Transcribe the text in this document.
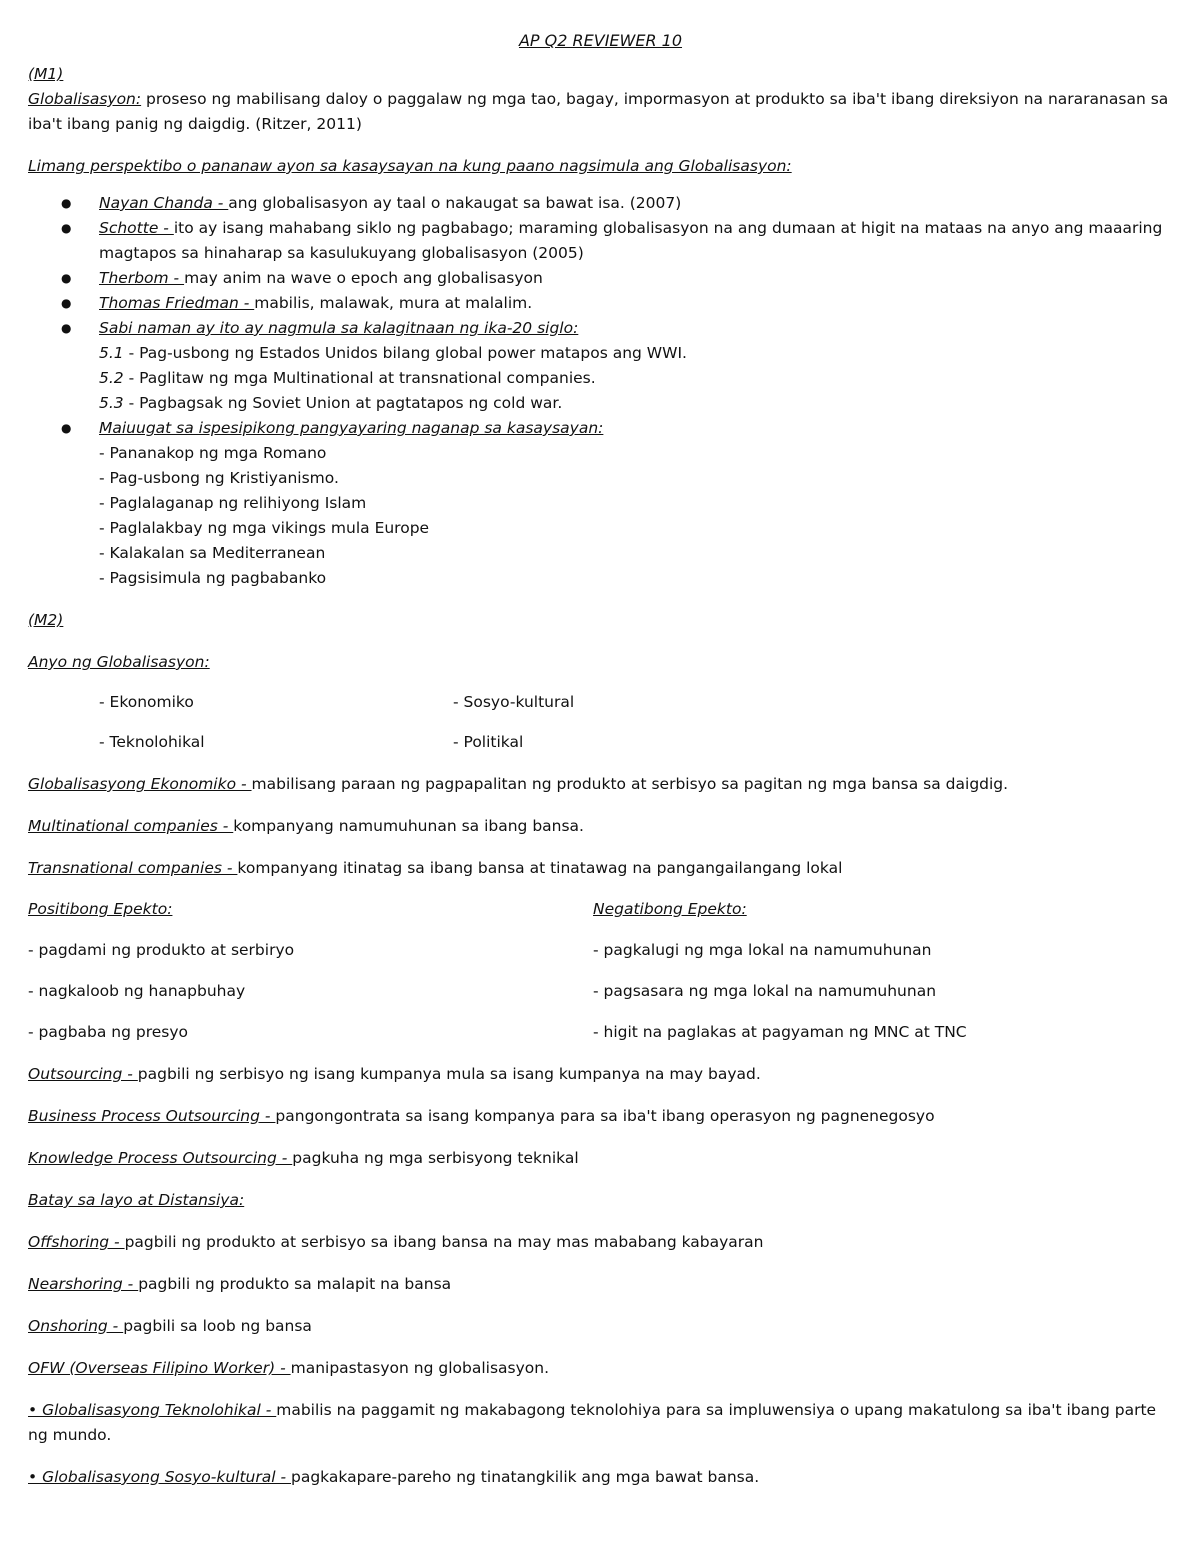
AP Q2 REVIEWER 10

(M1)

Globalisasyon: proseso ng mabilisang daloy o paggalaw ng mga tao, bagay, impormasyon at produkto sa iba't ibang direksiyon na nararanasan sa iba't ibang panig ng daigdig. (Ritzer, 2011)

Limang perspektibo o pananaw ayon sa kasaysayan na kung paano nagsimula ang Globalisasyon:

● Nayan Chanda - ang globalisasyon ay taal o nakaugat sa bawat isa. (2007)
● Schotte - ito ay isang mahabang siklo ng pagbabago; maraming globalisasyon na ang dumaan at higit na mataas na anyo ang maaaring magtapos sa hinaharap sa kasulukuyang globalisasyon (2005)
● Therbom - may anim na wave o epoch ang globalisasyon
● Thomas Friedman - mabilis, malawak, mura at malalim.
● Sabi naman ay ito ay nagmula sa kalagitnaan ng ika-20 siglo:

5.1 - Pag-usbong ng Estados Unidos bilang global power matapos ang WWI.

5.2 - Paglitaw ng mga Multinational at transnational companies.

5.3 - Pagbagsak ng Soviet Union at pagtatapos ng cold war.

● Maiuugat sa ispesipikong pangyayaring naganap sa kasaysayan:

- Pananakop ng mga Romano

- Pag-usbong ng Kristiyanismo.

- Paglalaganap ng relihiyong Islam

- Paglalakbay ng mga vikings mula Europe

- Kalakalan sa Mediterranean

- Pagsisimula ng pagbabanko

(M2)

Anyo ng Globalisasyon:

- Ekonomiko	- Sosyo-kultural
- Teknolohikal	- Politikal

Globalisasyong Ekonomiko - mabilisang paraan ng pagpapalitan ng produkto at serbisyo sa pagitan ng mga bansa sa daigdig.

Multinational companies - kompanyang namumuhunan sa ibang bansa.

Transnational companies - kompanyang itinatag sa ibang bansa at tinatawag na pangangailangang lokal

Positibong Epekto:	Negatibong Epekto:
- pagdami ng produkto at serbiryo	- pagkalugi ng mga lokal na namumuhunan
- nagkaloob ng hanapbuhay	- pagsasara ng mga lokal na namumuhunan
- pagbaba ng presyo	- higit na paglakas at pagyaman ng MNC at TNC

Outsourcing - pagbili ng serbisyo ng isang kumpanya mula sa isang kumpanya na may bayad.

Business Process Outsourcing - pangongontrata sa isang kompanya para sa iba't ibang operasyon ng pagnenegosyo

Knowledge Process Outsourcing - pagkuha ng mga serbisyong teknikal

Batay sa layo at Distansiya:

Offshoring - pagbili ng produkto at serbisyo sa ibang bansa na may mas mababang kabayaran

Nearshoring - pagbili ng produkto sa malapit na bansa

Onshoring - pagbili sa loob ng bansa

OFW (Overseas Filipino Worker) - manipastasyon ng globalisasyon.

• Globalisasyong Teknolohikal - mabilis na paggamit ng makabagong teknolohiya para sa impluwensiya o upang makatulong sa iba't ibang parte ng mundo.

• Globalisasyong Sosyo-kultural - pagkakapare-pareho ng tinatangkilik ang mga bawat bansa.
